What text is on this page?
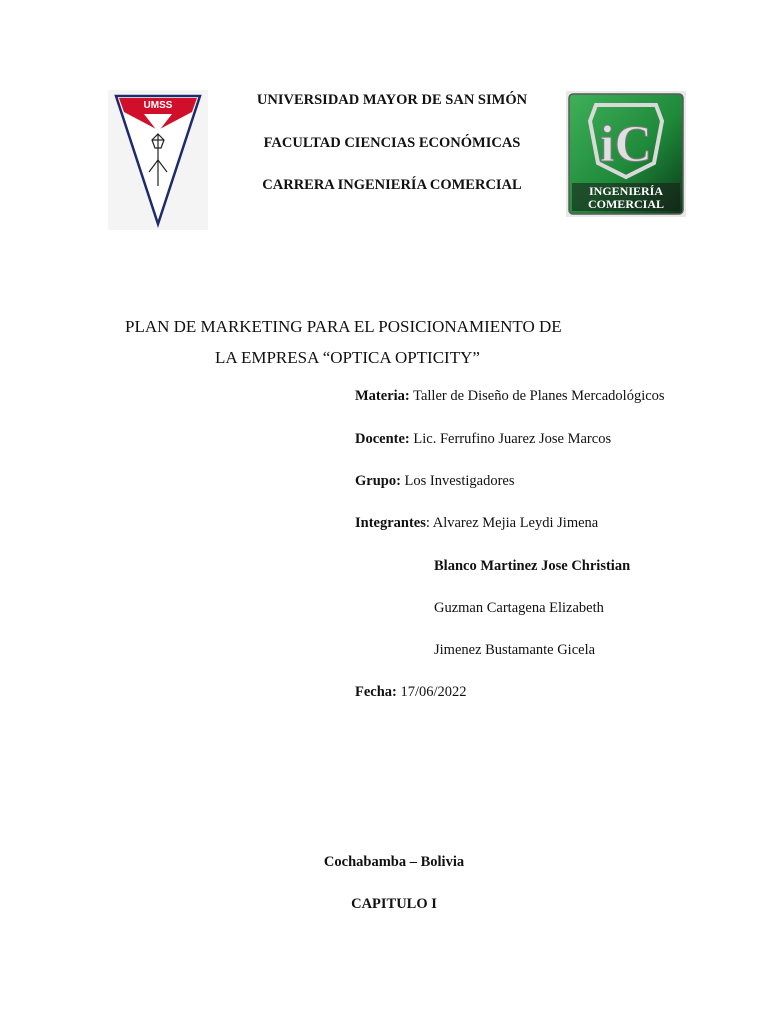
UMSS
iC
INGENIERÍA
COMERCIAL
UNIVERSIDAD MAYOR DE SAN SIMÓN
FACULTAD CIENCIAS ECONÓMICAS
CARRERA INGENIERÍA COMERCIAL
PLAN DE MARKETING PARA EL POSICIONAMIENTO DE
LA EMPRESA “OPTICA OPTICITY”
Materia: Taller de Diseño de Planes Mercadológicos
Docente: Lic. Ferrufino Juarez Jose Marcos
Grupo: Los Investigadores
Integrantes: Alvarez Mejia Leydi Jimena
Blanco Martinez Jose Christian
Guzman Cartagena Elizabeth
Jimenez Bustamante Gicela
Fecha: 17/06/2022
Cochabamba – Bolivia
CAPITULO I
